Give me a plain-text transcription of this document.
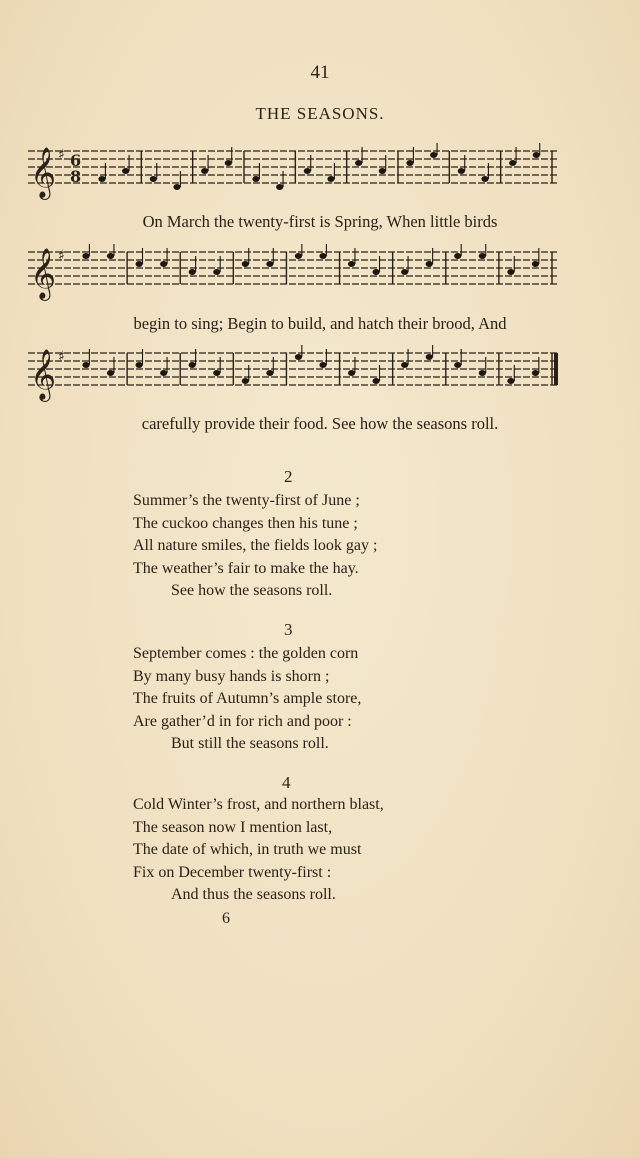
41
THE SEASONS.
𝄞 ♯ 6
8
On March the twenty-first is Spring, When little birds
𝄞 ♯
begin to sing; Begin to build, and hatch their brood, And
𝄞 ♯
carefully provide their food. See how the seasons roll.
2
Summer’s the twenty-first of June ;
The cuckoo changes then his tune ;
All nature smiles, the fields look gay ;
The weather’s fair to make the hay.
See how the seasons roll.
3
September comes : the golden corn
By many busy hands is shorn ;
The fruits of Autumn’s ample store,
Are gather’d in for rich and poor :
But still the seasons roll.
4
Cold Winter’s frost, and northern blast,
The season now I mention last,
The date of which, in truth we must
Fix on December twenty-first :
And thus the seasons roll.
6
